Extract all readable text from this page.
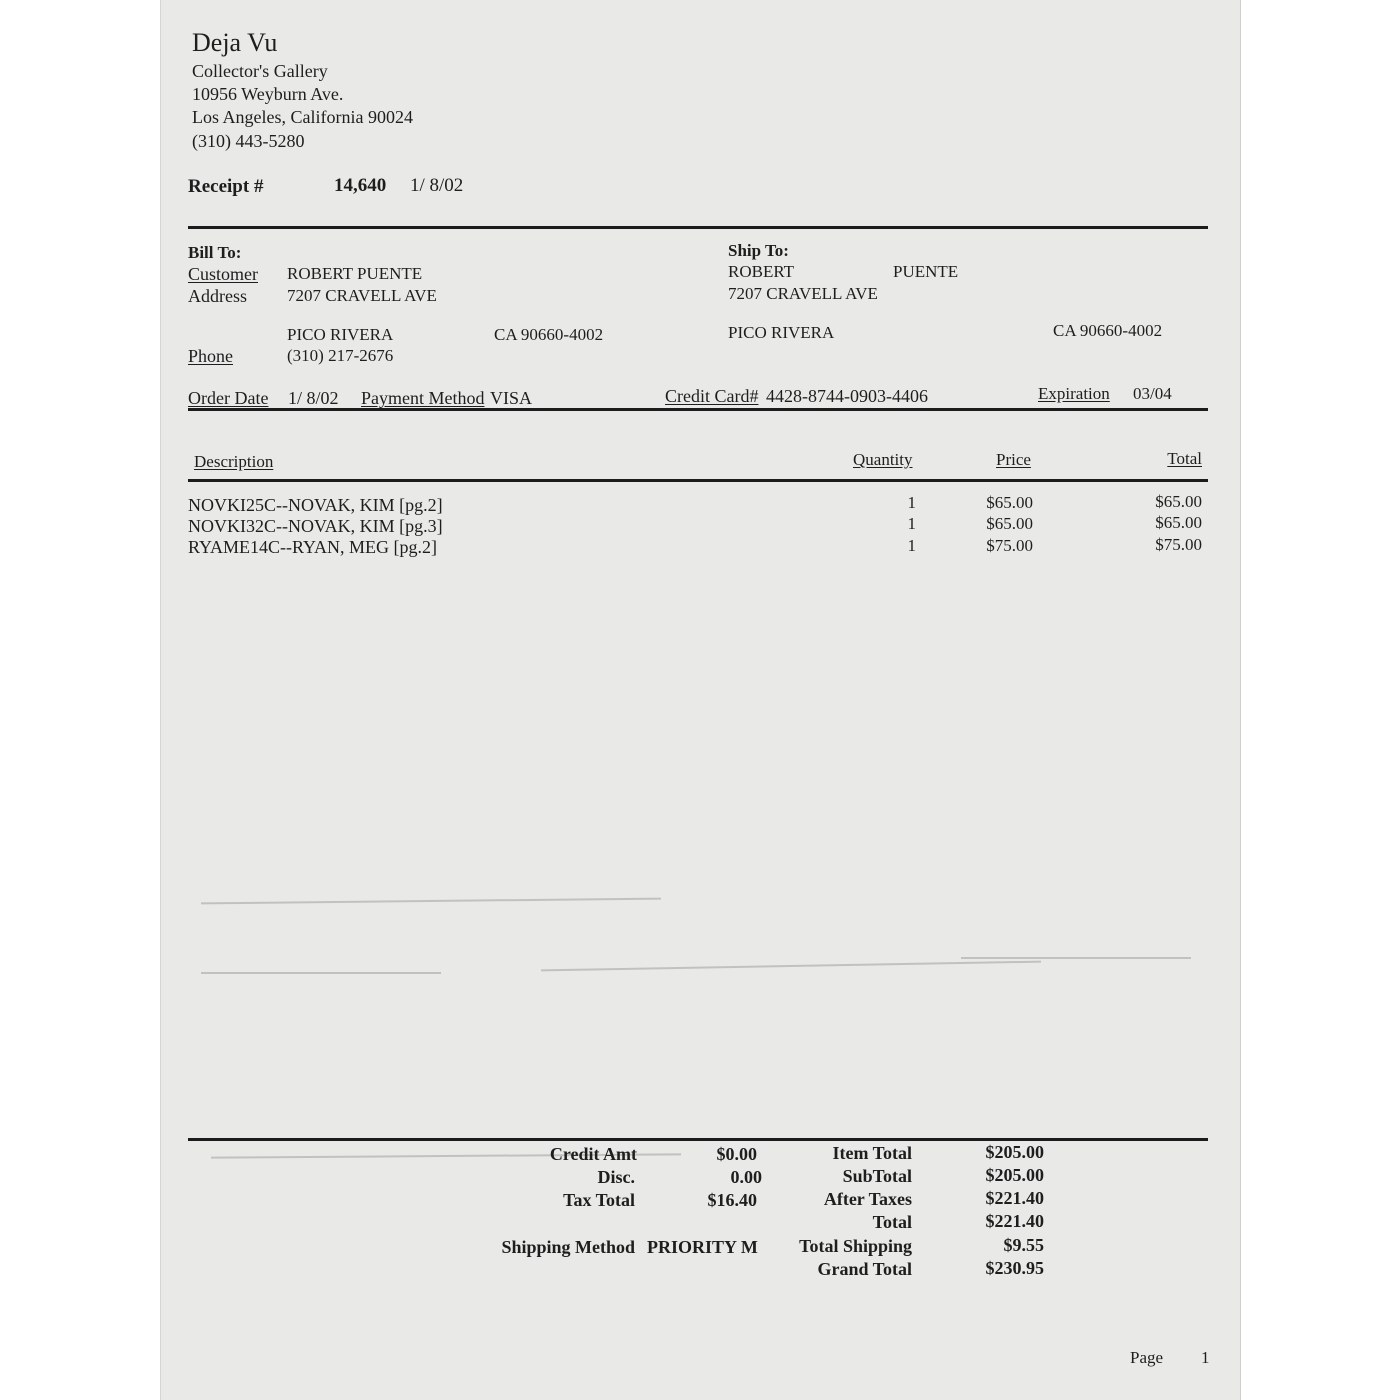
Deja Vu
Collector's Gallery
10956 Weyburn Ave.
Los Angeles, California 90024
(310) 443-5280
Receipt #	14,640 1/ 8/02
Bill To:
Customer ROBERT PUENTE
Address 7207 CRAVELL AVE
PICO RIVERA	CA 90660-4002
Phone	(310) 217-2676
Ship To:
ROBERT	PUENTE
7207 CRAVELL AVE
PICO RIVERA	CA 90660-4002
Order Date 1/ 8/02 Payment Method VISA	Credit Card# 4428-8744-0903-4406	Expiration 03/04
Description	Quantity	Price	Total
NOVKI25C--NOVAK, KIM [pg.2]	1	$65.00	$65.00
NOVKI32C--NOVAK, KIM [pg.3]	1	$65.00	$65.00
RYAME14C--RYAN, MEG [pg.2]	1	$75.00	$75.00
Credit Amt	$0.00
Disc.	0.00
Tax Total	$16.40
Shipping Method PRIORITY M
Item Total	$205.00
SubTotal	$205.00
After Taxes	$221.40
Total	$221.40
Total Shipping	$9.55
Grand Total	$230.95
Page 1
